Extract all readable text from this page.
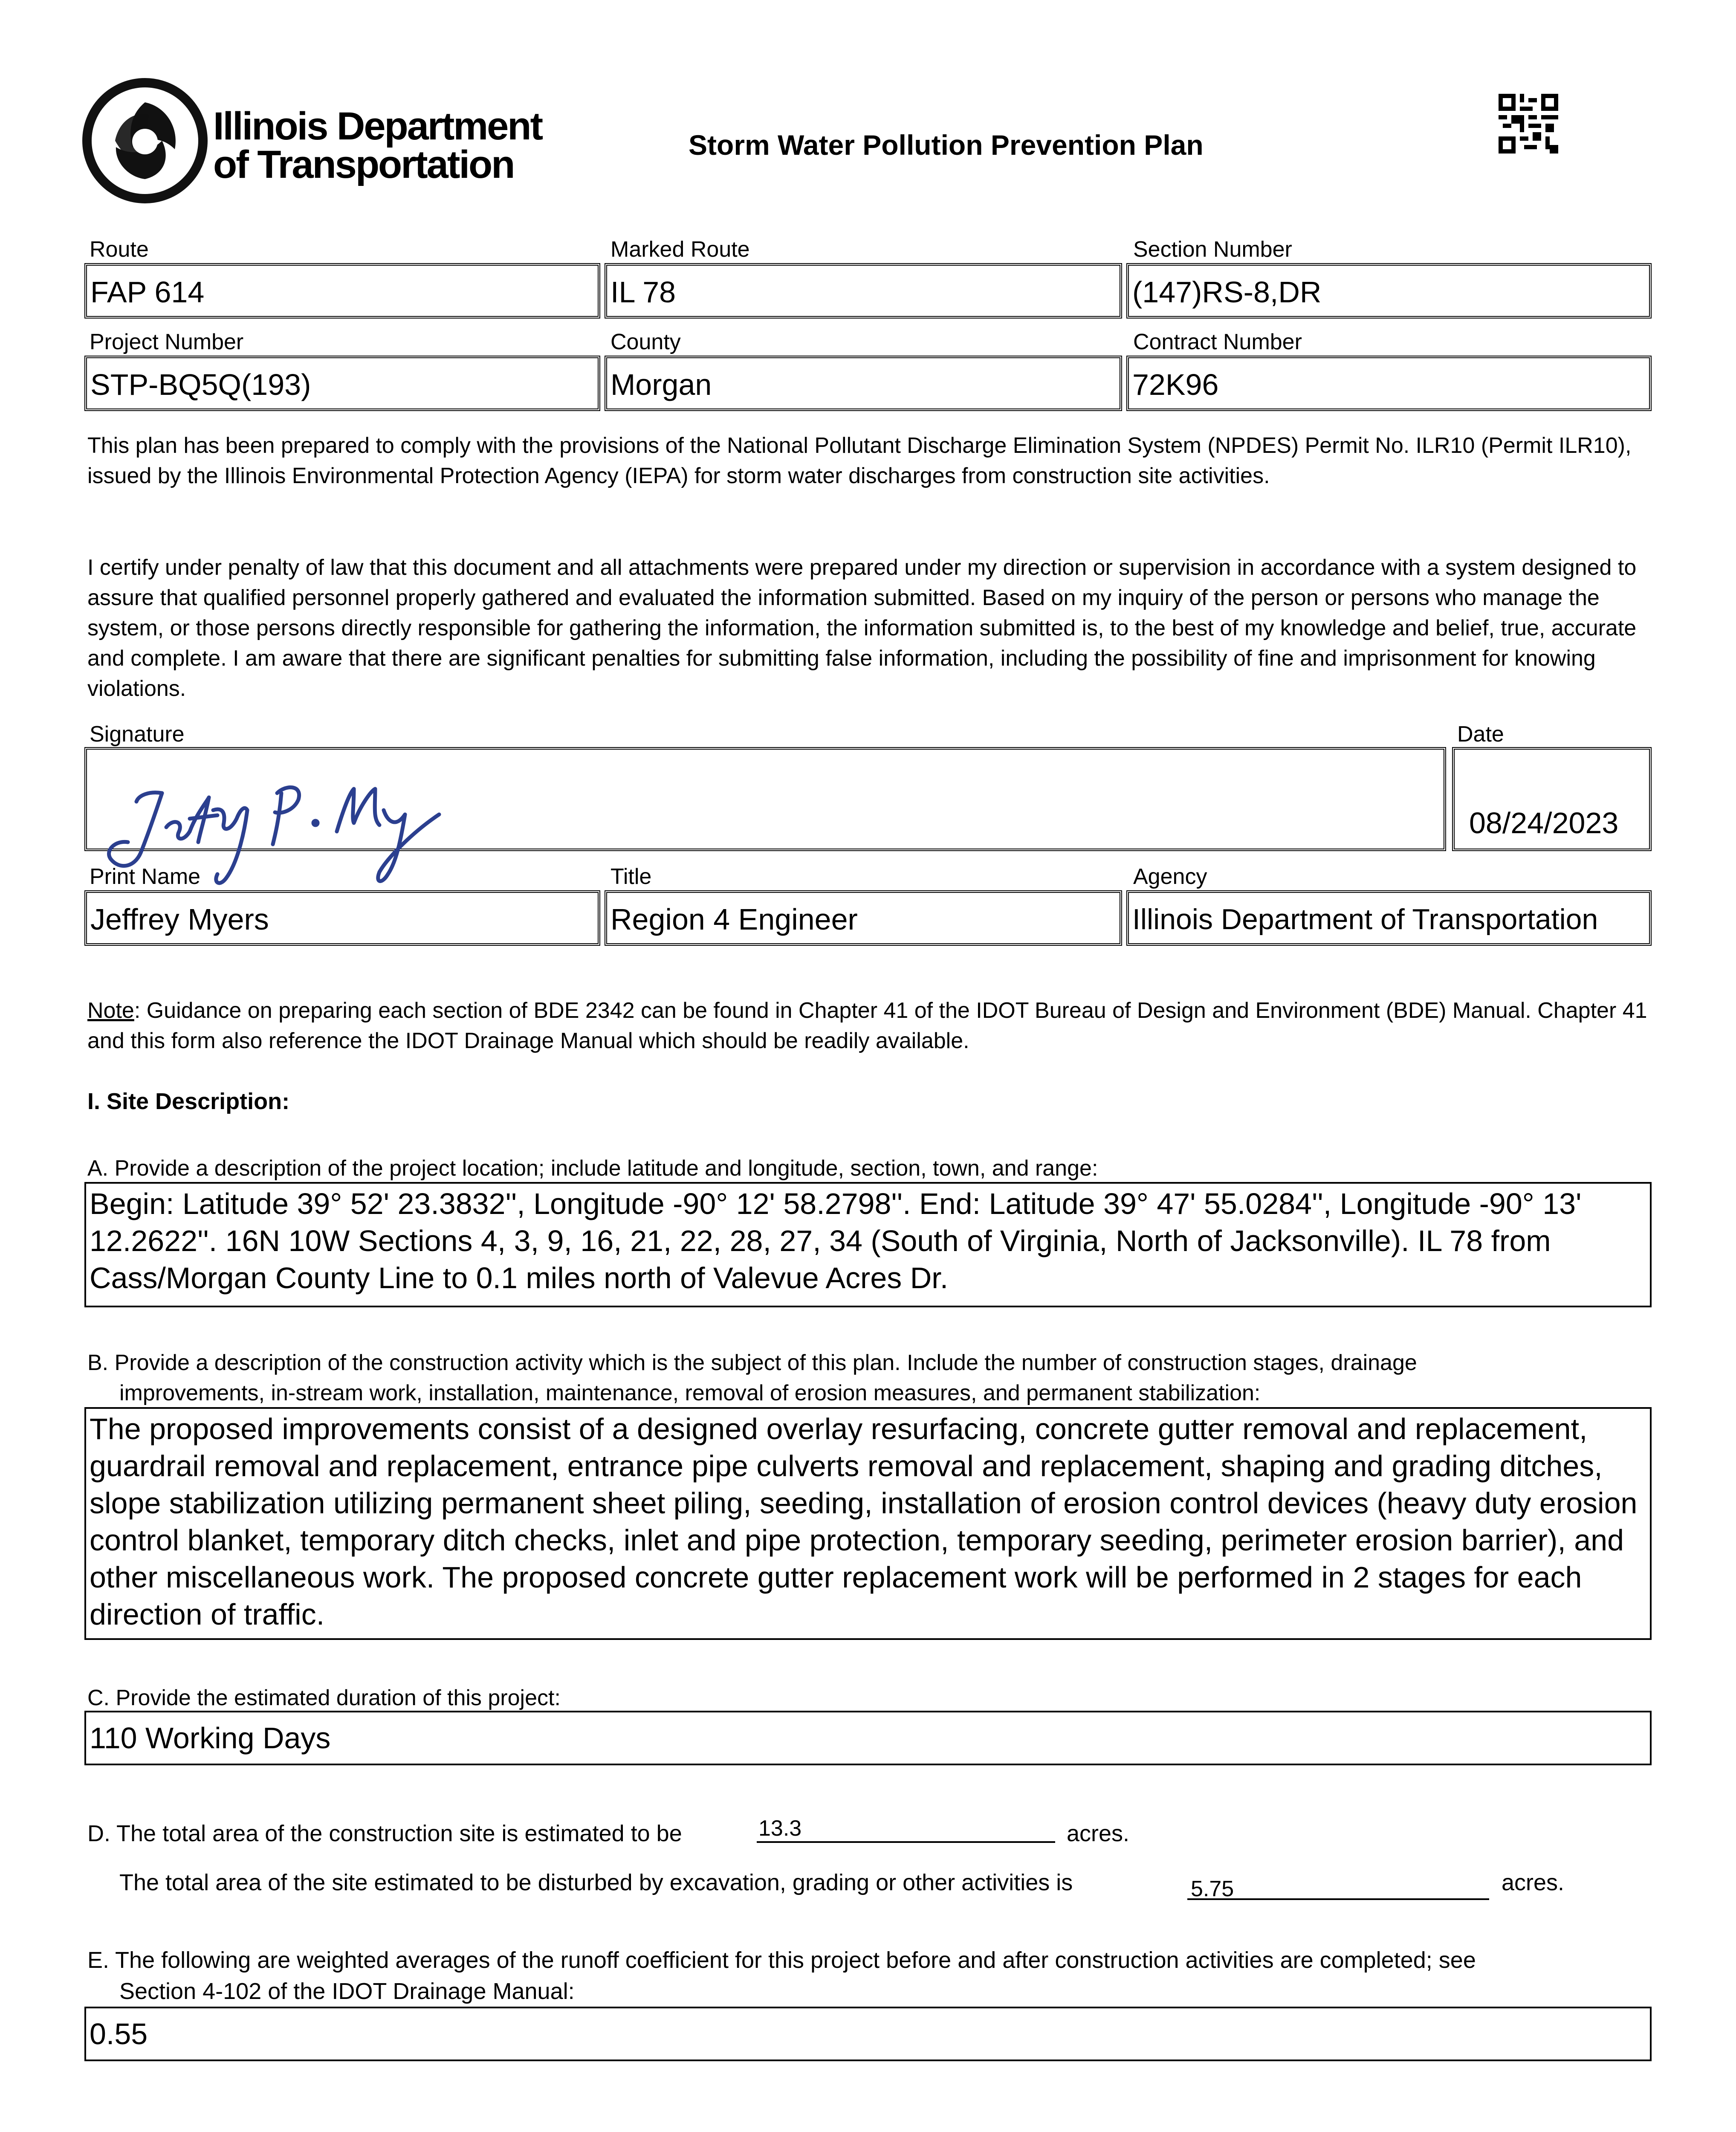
Illinois Department
of Transportation	Storm Water Pollution Prevention Plan
Route
FAP 614
Marked Route
IL 78
Section Number
(147)RS-8,DR
Project Number
STP-BQ5Q(193)
County
Morgan
Contract Number
72K96
This plan has been prepared to comply with the provisions of the National Pollutant Discharge Elimination System (NPDES) Permit No. ILR10 (Permit ILR10), issued by the Illinois Environmental Protection Agency (IEPA) for storm water discharges from construction site activities.
I certify under penalty of law that this document and all attachments were prepared under my direction or supervision in accordance with a system designed to assure that qualified personnel properly gathered and evaluated the information submitted. Based on my inquiry of the person or persons who manage the system, or those persons directly responsible for gathering the information, the information submitted is, to the best of my knowledge and belief, true, accurate and complete. I am aware that there are significant penalties for submitting false information, including the possibility of fine and imprisonment for knowing violations.
Signature	Date
08/24/2023
Print Name
Jeffrey Myers
Title
Region 4 Engineer
Agency
Illinois Department of Transportation
Note: Guidance on preparing each section of BDE 2342 can be found in Chapter 41 of the IDOT Bureau of Design and Environment (BDE) Manual. Chapter 41 and this form also reference the IDOT Drainage Manual which should be readily available.
I. Site Description:
A. Provide a description of the project location; include latitude and longitude, section, town, and range:
Begin: Latitude 39° 52' 23.3832'', Longitude -90° 12' 58.2798''. End: Latitude 39° 47' 55.0284'', Longitude -90° 13' 12.2622''. 16N 10W Sections 4, 3, 9, 16, 21, 22, 28, 27, 34 (South of Virginia, North of Jacksonville). IL 78 from Cass/Morgan County Line to 0.1 miles north of Valevue Acres Dr.
B. Provide a description of the construction activity which is the subject of this plan. Include the number of construction stages, drainage
improvements, in-stream work, installation, maintenance, removal of erosion measures, and permanent stabilization:
The proposed improvements consist of a designed overlay resurfacing, concrete gutter removal and replacement, guardrail removal and replacement, entrance pipe culverts removal and replacement, shaping and grading ditches, slope stabilization utilizing permanent sheet piling, seeding, installation of erosion control devices (heavy duty erosion control blanket, temporary ditch checks, inlet and pipe protection, temporary seeding, perimeter erosion barrier), and other miscellaneous work. The proposed concrete gutter replacement work will be performed in 2 stages for each direction of traffic.
C. Provide the estimated duration of this project:
110 Working Days
D. The total area of the construction site is estimated to be	13.3	acres.
The total area of the site estimated to be disturbed by excavation, grading or other activities is	5.75	acres.
E. The following are weighted averages of the runoff coefficient for this project before and after construction activities are completed; see
Section 4-102 of the IDOT Drainage Manual:
0.55
